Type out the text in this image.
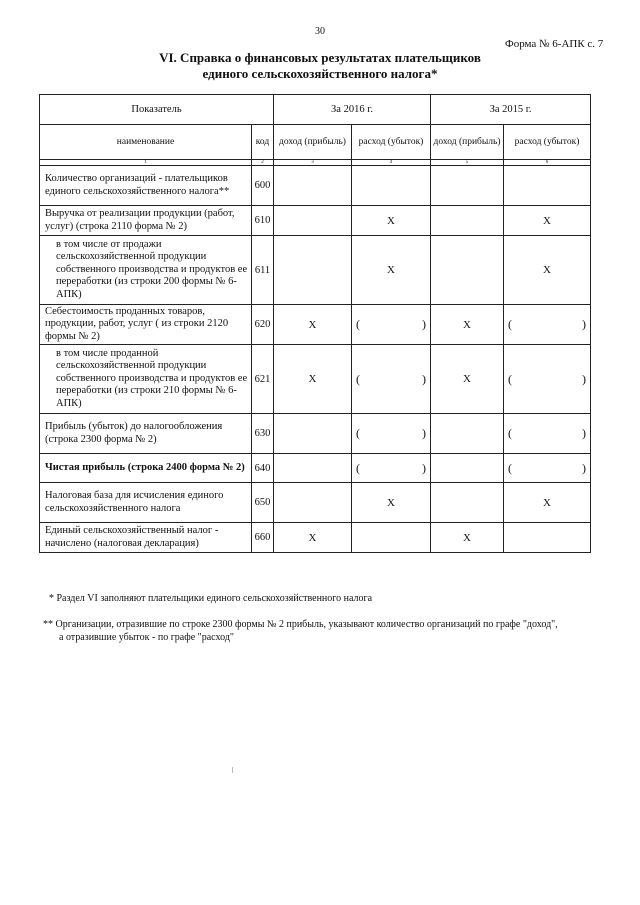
30
Форма № 6-АПК с. 7
VI. Справка о финансовых результатах плательщиков
единого сельскохозяйственного налога*
Показатель		За 2016 г.		За 2015 г.	
наименование	код	доход (прибыль)	расход (убыток)	доход (прибыль)	расход (убыток)
1	2	3	4	5	6
Количество организаций - плательщиков единого сельскохозяйственного налога**	600				
Выручка от реализации продукции (работ, услуг) (строка 2110 форма № 2)	610		X		X
в том числе от продажи сельскохозяйственной продукции собственного производства и продуктов ее переработки (из строки 200 формы № 6-АПК)	611		X		X
Себестоимость проданных товаров, продукции, работ, услуг ( из строки 2120 формы № 2)	620	X	( )	X	( )

в том числе проданной сельскохозяйственной продукции собственного производства и продуктов ее переработки (из строки 210 формы № 6-АПК)	621	X	( )	X	( )

Прибыль (убыток) до налогообложения (строка 2300 форма № 2)	630		( )		( )

Чистая прибыль (строка 2400 форма № 2)	640		( )		( )

Налоговая база для исчисления единого сельскохозяйственного налога	650		X		X
Единый сельскохозяйственный налог - начислено (налоговая декларация)	660	X		X	
* Раздел VI заполняют плательщики единого сельскохозяйственного налога
** Организации, отразившие по строке 2300 формы № 2 прибыль, указывают количество организаций по графе "доход",
а отразившие убыток - по графе "расход"
